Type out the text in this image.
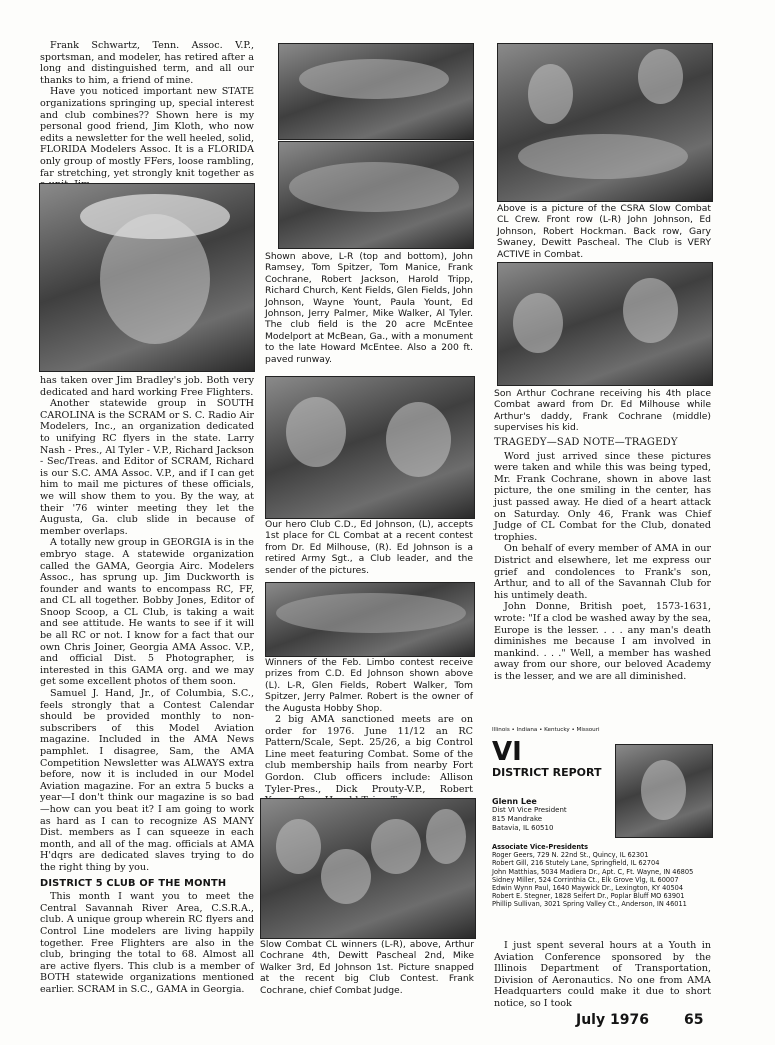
Frank Schwartz, Tenn. Assoc. V.P., sportsman, and modeler, has retired after a long and distinguished term, and all our thanks to him, a friend of mine.

Have you noticed important new STATE organizations springing up, special interest and club combines?? Shown here is my personal good friend, Jim Kloth, who now edits a newsletter for the well heeled, solid, FLORIDA Modelers Assoc. It is a FLORIDA only group of mostly FFers, loose rambling, far stretching, yet strongly knit together as

has taken over Jim Bradley's job. Both very dedicated and hard working Free Flighters.

Another statewide group in SOUTH CAROLINA is the SCRAM or S. C. Radio Air Modelers, Inc., an organization dedicated to unifying RC flyers in the state. Larry Nash - Pres., Al Tyler - V.P., Richard Jackson - Sec/Treas. and Editor of SCRAM, Richard is our S.C. AMA Assoc. V.P., and if I can get him to mail me pictures of these officials, we will show them to you. By the way, at their '76 winter meeting they let the Augusta, Ga. club slide in because of member overlaps.

A totally new group in GEORGIA is in the embryo stage. A statewide organization called the GAMA, Georgia Airc. Modelers Assoc., has sprung up. Jim Duckworth is founder and wants to encompass RC, FF, and CL all together. Bobby Jones, Editor of Snoop Scoop, a CL Club, is taking a wait and see attitude. He wants to see if it will be all RC or not. I know for a fact that our own Chris Joiner, Georgia AMA Assoc. V.P., and official Dist. 5 Photographer, is interested in this GAMA org. and we may get some excellent photos of them soon.

Samuel J. Hand, Jr., of Columbia, S.C., feels strongly that a Contest Calendar should be provided monthly to non-subscribers of this Model Aviation magazine. Included in the AMA News pamphlet. I disagree, Sam, the AMA Competition Newsletter was ALWAYS extra before, now it is included in our Model Aviation magazine. For an extra 5 bucks a year—I don't think our magazine is so bad—how can you beat it? I am going to work as hard as I can to recognize AS MANY Dist. members as I can squeeze in each month, and all of the mag. officials at AMA H'dqrs are dedicated slaves trying to do the right thing by you.

DISTRICT 5 CLUB OF THE MONTH

This month I want you to meet the Central Savannah River Area, C.S.R.A., club. A unique group wherein RC flyers and Control Line modelers are living happily together. Free Flighters are also in the club, bringing the total to 68. Almost all are active flyers. This club is a member of BOTH statewide organizations mentioned earlier. SCRAM in S.C., GAMA in Georgia.

Shown above, L-R (top and bottom), John Ramsey, Tom Spitzer, Tom Manice, Frank Cochrane, Robert Jackson, Harold Tripp, Richard Church, Kent Fields, Glen Fields, John Johnson, Wayne Yount, Paula Yount, Ed Johnson, Jerry Palmer, Mike Walker, Al Tyler. The club field is the 20 acre McEntee Modelport at McBean, Ga., with a monument to the late Howard McEntee. Also a 200 ft. paved runway.

Our hero Club C.D., Ed Johnson, (L), accepts 1st place for CL Combat at a recent contest from Dr. Ed Milhouse, (R). Ed Johnson is a retired Army Sgt., a Club leader, and the sender of the pictures.

Winners of the Feb. Limbo contest receive prizes from C.D. Ed Johnson shown above (L). L-R, Glen Fields, Robert Walker, Tom Spitzer, Jerry Palmer. Robert is the owner of the Augusta Hobby Shop.

2 big AMA sanctioned meets are on order for 1976. June 11/12 an RC Pattern/Scale, Sept. 25/26, a big Control Line meet featuring Combat. Some of the club membership hails from nearby Fort Gordon. Club officers include: Allison Tyler-Pres., Dick Prouty-V.P., Robert

Slow Combat CL winners (L-R), above, Arthur Cochrane 4th, Dewitt Pascheal 2nd, Mike Walker 3rd, Ed Johnson 1st. Picture snapped at the recent big Club Contest. Frank Cochrane, chief Combat Judge.

Above is a picture of the CSRA Slow Combat CL Crew. Front row (L-R) John Johnson, Ed Johnson, Robert Hockman. Back row, Gary Swaney, Dewitt Pascheal. The Club is VERY ACTIVE in Combat.

Son Arthur Cochrane receiving his 4th place Combat award from Dr. Ed Milhouse while Arthur's daddy, Frank Cochrane (middle) supervises his kid.

TRAGEDY—SAD NOTE—TRAGEDY

Word just arrived since these pictures were taken and while this was being typed, Mr. Frank Cochrane, shown in above last picture, the one smiling in the center, has just passed away. He died of a heart attack on Saturday. Only 46, Frank was Chief Judge of CL Combat for the Club, donated trophies.

On behalf of every member of AMA in our District and elsewhere, let me express our grief and condolences to Frank's son, Arthur, and to all of the Savannah Club for his untimely death.

John Donne, British poet, 1573-1631, wrote: "If a clod be washed away by the sea, Europe is the lesser. . . . any man's death diminishes me because I am involved in mankind. . . ." Well, a member has washed away from our shore, our beloved Academy is the lesser, and we are all diminished.

Illinois • Indiana • Kentucky • Missouri
VI
DISTRICT REPORT
Glenn Lee
Dist VI Vice President
815 Mandrake
Batavia, IL 60510
Associate Vice-Presidents
Roger Geers, 729 N. 22nd St., Quincy, IL 62301
Robert Gill, 216 Stutely Lane, Springfield, IL 62704
John Matthias, 5034 Madiera Dr., Apt. C, Ft. Wayne, IN 46805
Sidney Miller, 524 Corrinthia Ct., Elk Grove Vlg, IL 60007
Edwin Wynn Paul, 1640 Maywick Dr., Lexington, KY 40504
Robert E. Stegner, 1828 Seifert Dr., Poplar Bluff MO 63901
Phillip Sullivan, 3021 Spring Valley Ct., Anderson, IN 46011

I just spent several hours at a Youth in Aviation Conference sponsored by the Illinois Department of Transportation, Division of Aeronautics. No one from AMA Headquarters could make it due to short notice, so I took

July 1976	65
